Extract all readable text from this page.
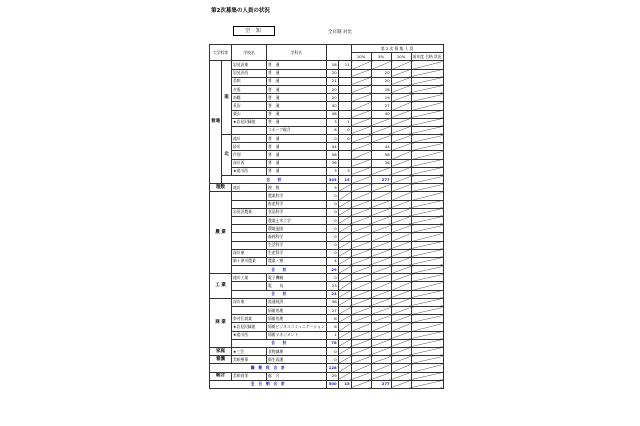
第2次募集の人員の状況
空 知	全日制 対比
大学科等		学校名	学科名			第 2 次 募 集 人 員			
						10%	5%	10%	前年度 合格 状況
普通	南	岩見沢東	普　通	18	11				
		岩見沢西	普　通	20			20		
		美唄	普　通	21			20		
		夕張	普　通	20			18		
		南幌	普　通	20			19		
		長沼	普　通	40			27		
		栗山	普　通	46			40		
		★岩見沢緑陵	普　通	3	1				
			スポーツ総合	6	0				
	北	滝川	普　通	0	0				
		砂川	普　通	44			44		
		芦別	普　通	58			58		
		深川西	普　通	36			36		
		★滝川西	普　通	3	3				
	合　　計			343	15		277		
理数		滝川	理　数	9					
農 業			農業科学	0					
			畜産科学	0					
		岩見沢農業	食品科学	0					
			農業土木工学	0					
			環境造園	0					
			森林科学	0					
			生活科学	0					
		深川東	生産科学	0					
		新十津川農業	農業・寮	4					
		合　　計		29					
工 業		滝川工業	電子機械	0					
			電　　気	23					
		合　　計		23					
商 業		深川東	流通経済	36					
			情報処理	27					
		奈井江商業	情報処理	8					
		★岩見沢緑陵	情報ビジネスコミュニケーション	6					
		★滝川西	情報マネジメント	1					
		合　　計		78					
家庭		★三笠	食物調理	0					
看護		美唄聖華	衛生看護	0					
職　業　科　合　計				128					
総合		美唄尚栄	総　合	29					
全　日　制　合　計				500	15		277		
